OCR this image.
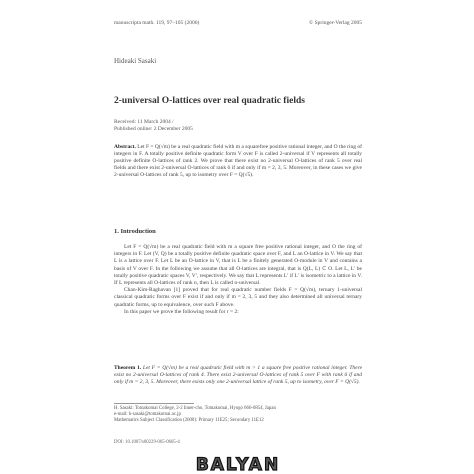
manuscripta math. 119, 97–105 (2006)	© Springer-Verlag 2005
Hideaki Sasaki
2-universal O-lattices over real quadratic fields
Received: 11 March 2004 /
Published online: 2 December 2005
Abstract. Let F = Q(√m) be a real quadratic field with m a squarefree positive rational integer, and O the ring of integers in F. A totally positive definite quadratic form V over F is called 2-universal if V represents all totally positive definite O-lattices of rank 2. We prove that there exist no 2-universal O-lattices of rank 5 over real fields and there exist 2-universal O-lattices of rank 6 if and only if m = 2, 3, 5. Moreover, in these cases we give 2-universal O-lattices of rank 5, up to isometry over F = Q(√5).
1. Introduction

Let F = Q(√m) be a real quadratic field with m a square free positive rational integer, and O the ring of integers in F. Let (V, Q) be a totally positive definite quadratic space over F, and L an O-lattice in V. We say that L is a lattice over F. Let L be an O-lattice in V, that is L be a finitely generated O-module in V and contains a basis of V over F. In the following we assume that all O-lattices are integral, that is Q(L, L) ⊂ O. Let L, L′ be totally positive quadratic spaces V, V′, respectively. We say that L represents L′ if L′ is isometric to a lattice in V. If L represents all O-lattices of rank n, then L is called n-universal.

Chan-Kim-Raghavan [1] proved that for real quadratic number fields F = Q(√m), ternary 1-universal classical quadratic forms over F exist if and only if m = 2, 3, 5 and they also determined all universal ternary quadratic forms, up to equivalence, over such F above.

In this paper we prove the following result for r = 2:

Theorem 1. Let F = Q(√m) be a real quadratic field with m > 1 a square free positive rational integer. There exist no 2-universal O-lattices of rank 4. There exist 2-universal O-lattices of rank 5 over F with rank 6 if and only if m = 2, 3, 5. Moreover, there exists only one 2-universal lattice of rank 5, up to isometry, over F = Q(√5).
H. Sasaki: Tomakomai College, 2-2 Inner-cho, Tomakomai, Hyogo 666-0854, Japan
e-mail: h-sasaki@tomakomai.ac.jp
Mathematics Subject Classification (2000): Primary 11E25; Secondary 11E12
DOI: 10.1007/s00229-005-0605-4
BALYAN
